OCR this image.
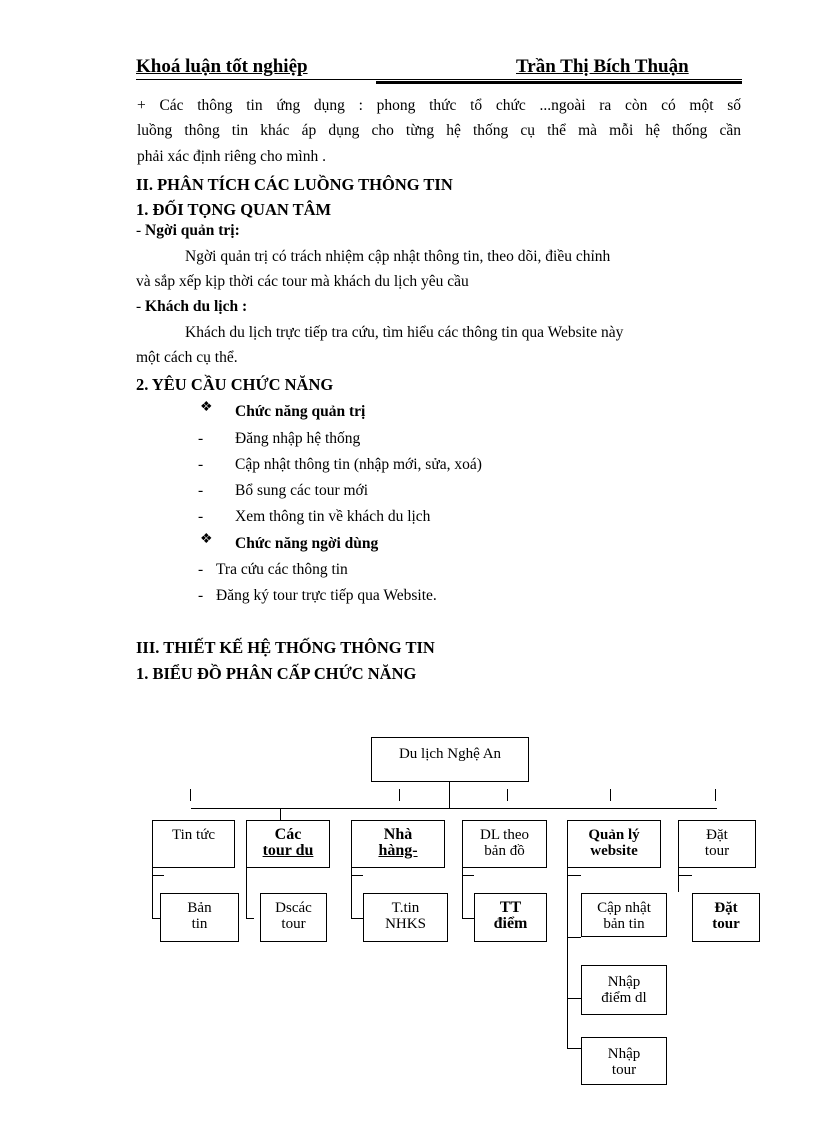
Khoá luận tốt nghiệp	Trần Thị Bích Thuận
+ Các thông tin ứng dụng : phong thức tổ chức ...ngoài ra còn có một số
luồng thông tin khác áp dụng cho từng hệ thống cụ thể mà mỗi hệ thống cần
phải xác định riêng cho mình .
II. PHÂN TÍCH CÁC LUỒNG THÔNG TIN
1. ĐỐI TỌNG QUAN TÂM
- Ngời quản trị:
Ngời quản trị có trách nhiệm cập nhật thông tin, theo dõi, điều chỉnh
và sắp xếp kịp thời các tour mà khách du lịch yêu cầu
- Khách du lịch :
Khách du lịch trực tiếp tra cứu, tìm hiểu các thông tin qua Website này
một cách cụ thể.
2. YÊU CẦU CHỨC NĂNG
❖ Chức năng quản trị
- Đăng nhập hệ thống
- Cập nhật thông tin (nhập mới, sửa, xoá)
- Bổ sung các tour mới
- Xem thông tin về khách du lịch
❖ Chức năng ngời dùng
- Tra cứu các thông tin
- Đăng ký tour trực tiếp qua Website.
III. THIẾT KẾ HỆ THỐNG THÔNG TIN
1. BIỂU ĐỒ PHÂN CẤP CHỨC NĂNG
Du lịch Nghệ An
Tin tức	Các
tour du
Nhà
hàng-
DL theo
bản đồ
Quản lý
website
Đặt
tour
Bản
tin
Dscác
tour
T.tin
NHKS
TT
điểm
Cập nhật
bản tin
Đặt
tour
Nhập
điểm dl
Nhập
tour
